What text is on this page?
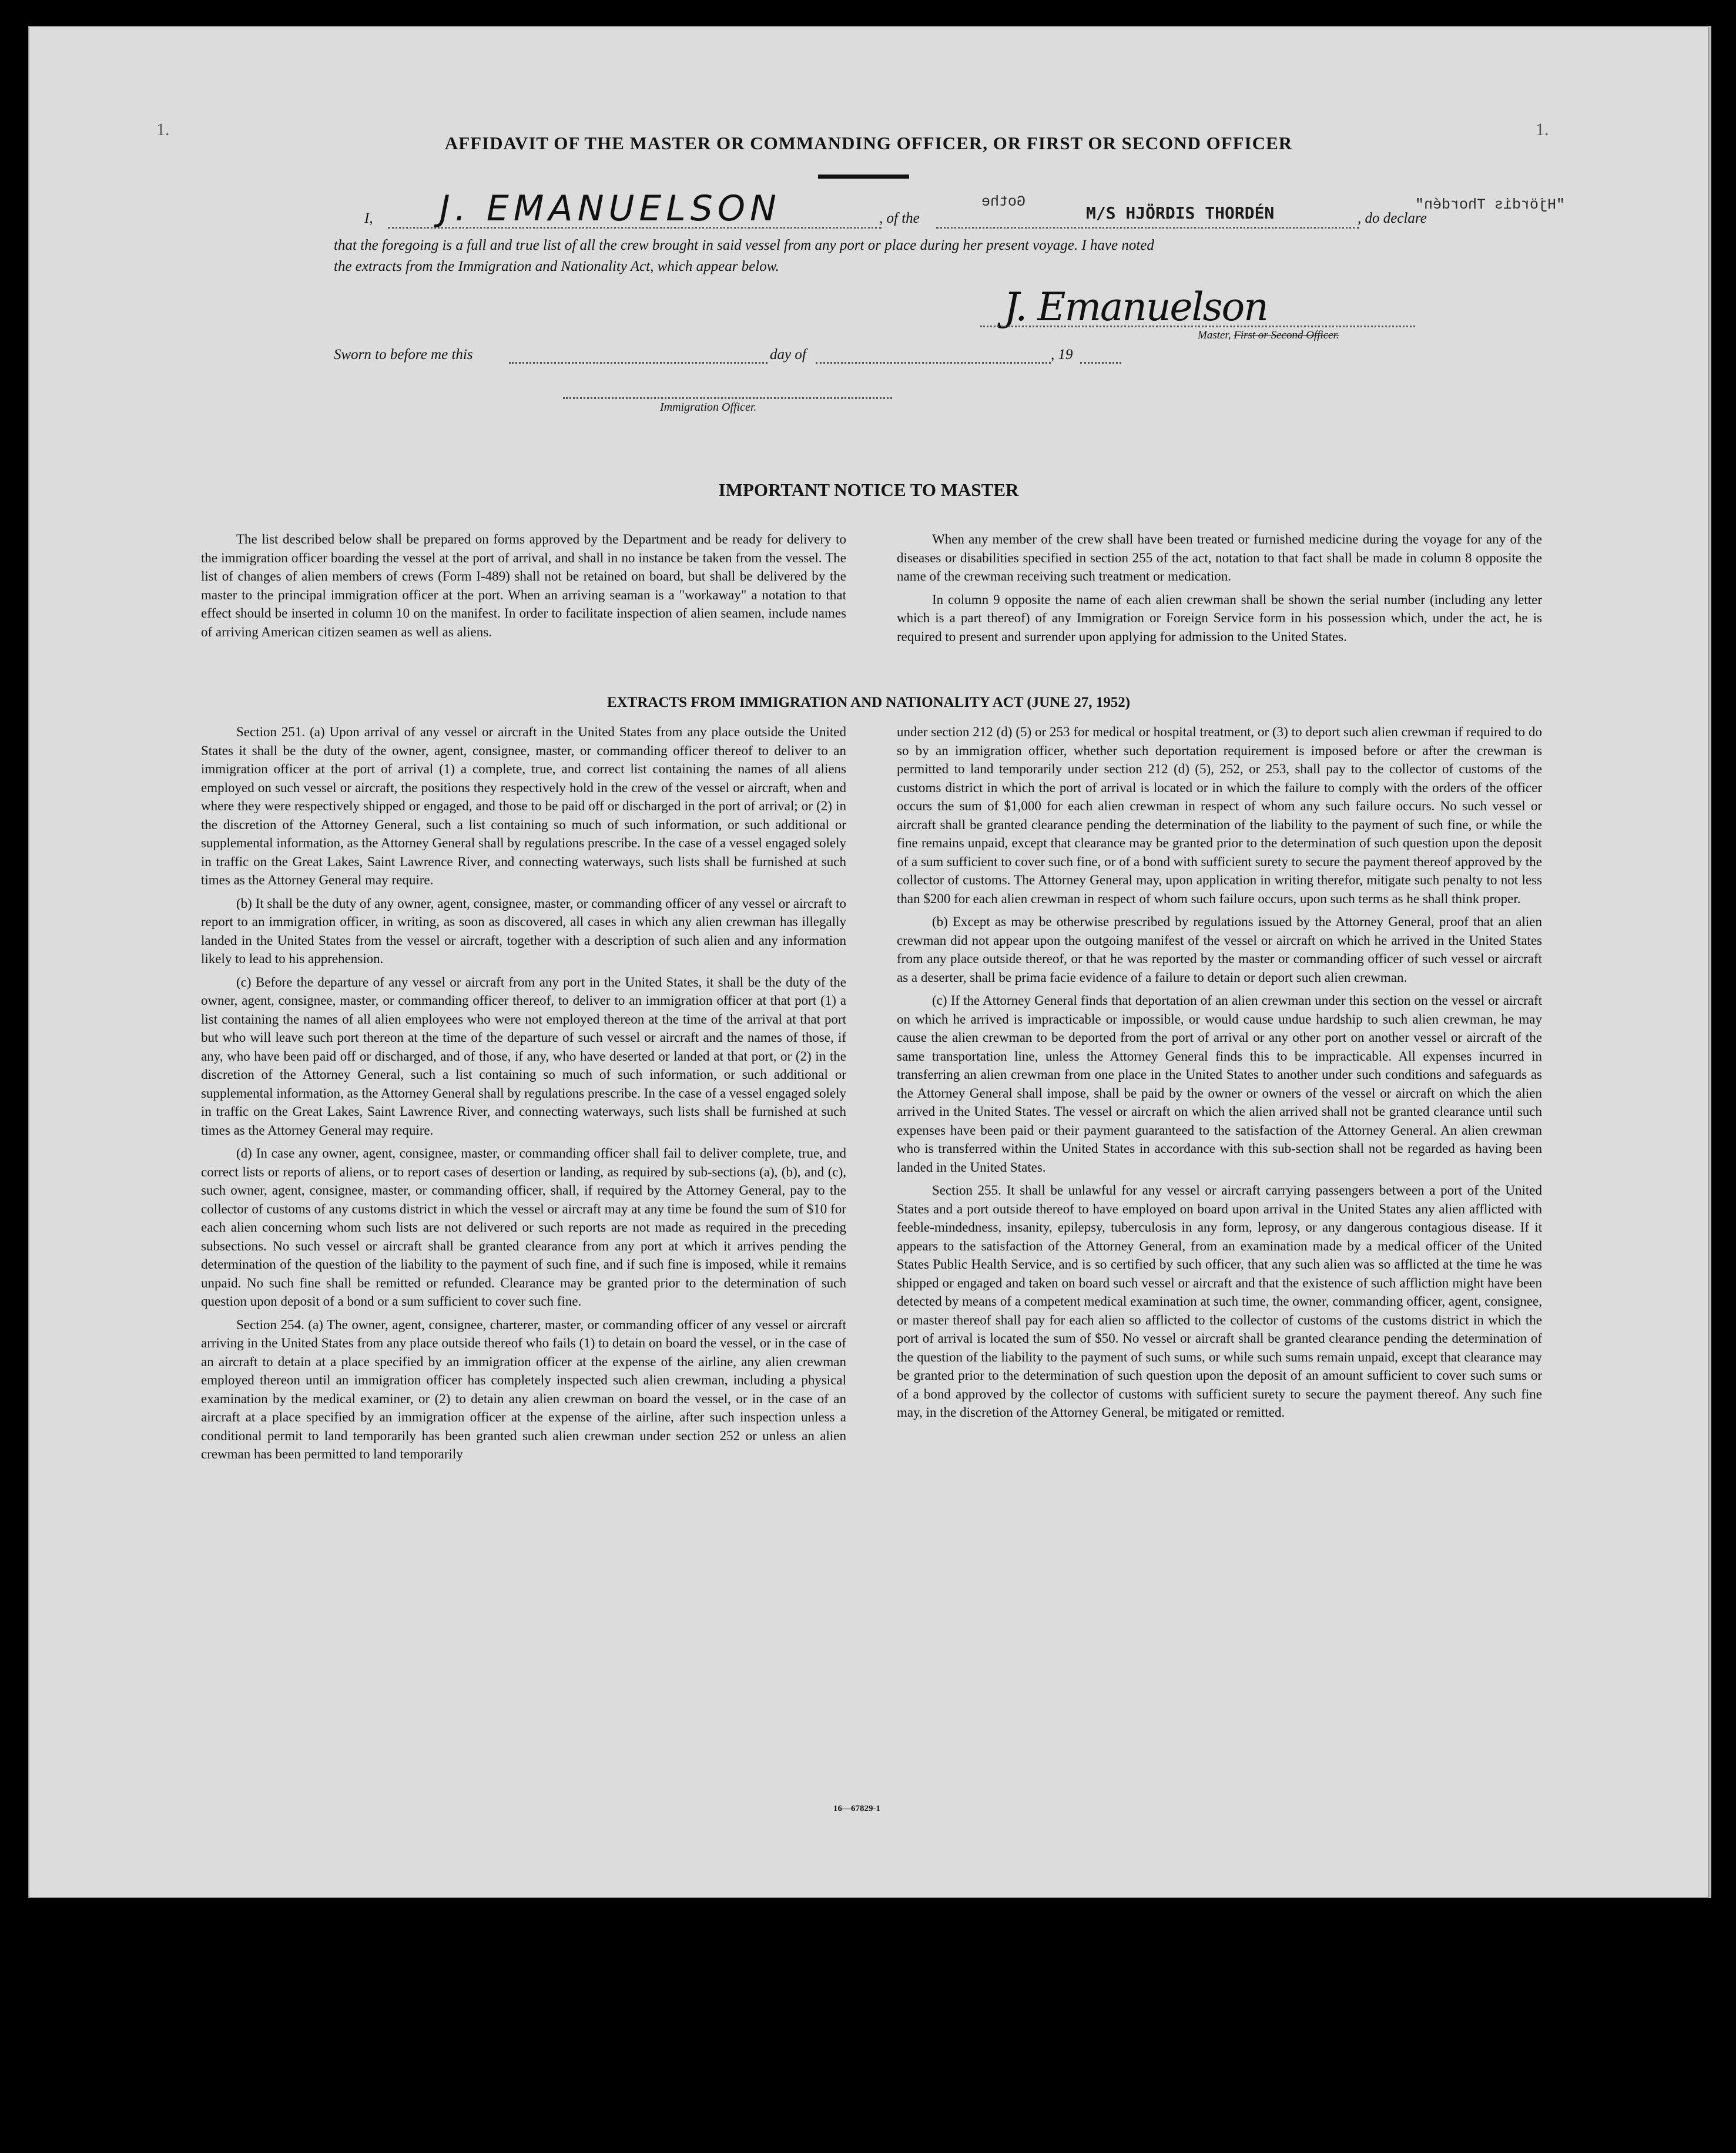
1.	1.
AFFIDAVIT OF THE MASTER OR COMMANDING OFFICER, OR FIRST OR SECOND OFFICER
I, J. EMANUELSON	, of the
Gothe
M/S HJÖRDIS THORDÉN	, do declare
"Hjördis Thordén"
that the foregoing is a full and true list of all the crew brought in said vessel from any port or place during her present voyage. I have noted
the extracts from the Immigration and Nationality Act, which appear below.
J. Emanuelson
Master, First or Second Officer.
Sworn to before me this	day of	, 19
Immigration Officer.
IMPORTANT NOTICE TO MASTER

The list described below shall be prepared on forms approved by the Department and be ready for delivery to the immigration officer boarding the vessel at the port of arrival, and shall in no instance be taken from the vessel. The list of changes of alien members of crews (Form I-489) shall not be retained on board, but shall be delivered by the master to the principal immigration officer at the port. When an arriving seaman is a "workaway" a notation to that effect should be inserted in column 10 on the manifest. In order to facilitate inspection of alien seamen, include names of arriving American citizen seamen as well as aliens.

When any member of the crew shall have been treated or furnished medicine during the voyage for any of the diseases or disabilities specified in section 255 of the act, notation to that fact shall be made in column 8 opposite the name of the crewman receiving such treatment or medication.

In column 9 opposite the name of each alien crewman shall be shown the serial number (including any letter which is a part thereof) of any Immigration or Foreign Service form in his possession which, under the act, he is required to present and surrender upon applying for admission to the United States.

EXTRACTS FROM IMMIGRATION AND NATIONALITY ACT (JUNE 27, 1952)

Section 251. (a) Upon arrival of any vessel or aircraft in the United States from any place outside the United States it shall be the duty of the owner, agent, consignee, master, or commanding officer thereof to deliver to an immigration officer at the port of arrival (1) a complete, true, and correct list containing the names of all aliens employed on such vessel or aircraft, the positions they respectively hold in the crew of the vessel or aircraft, when and where they were respectively shipped or engaged, and those to be paid off or discharged in the port of arrival; or (2) in the discretion of the Attorney General, such a list containing so much of such information, or such additional or supplemental information, as the Attorney General shall by regulations prescribe. In the case of a vessel engaged solely in traffic on the Great Lakes, Saint Lawrence River, and connecting waterways, such lists shall be furnished at such times as the Attorney General may require.

(b) It shall be the duty of any owner, agent, consignee, master, or commanding officer of any vessel or aircraft to report to an immigration officer, in writing, as soon as discovered, all cases in which any alien crewman has illegally landed in the United States from the vessel or aircraft, together with a description of such alien and any information likely to lead to his apprehension.

(c) Before the departure of any vessel or aircraft from any port in the United States, it shall be the duty of the owner, agent, consignee, master, or commanding officer thereof, to deliver to an immigration officer at that port (1) a list containing the names of all alien employees who were not employed thereon at the time of the arrival at that port but who will leave such port thereon at the time of the departure of such vessel or aircraft and the names of those, if any, who have been paid off or discharged, and of those, if any, who have deserted or landed at that port, or (2) in the discretion of the Attorney General, such a list containing so much of such information, or such additional or supplemental information, as the Attorney General shall by regulations prescribe. In the case of a vessel engaged solely in traffic on the Great Lakes, Saint Lawrence River, and connecting waterways, such lists shall be furnished at such times as the Attorney General may require.

(d) In case any owner, agent, consignee, master, or commanding officer shall fail to deliver complete, true, and correct lists or reports of aliens, or to report cases of desertion or landing, as required by sub-sections (a), (b), and (c), such owner, agent, consignee, master, or commanding officer, shall, if required by the Attorney General, pay to the collector of customs of any customs district in which the vessel or aircraft may at any time be found the sum of $10 for each alien concerning whom such lists are not delivered or such reports are not made as required in the preceding subsections. No such vessel or aircraft shall be granted clearance from any port at which it arrives pending the determination of the question of the liability to the payment of such fine, and if such fine is imposed, while it remains unpaid. No such fine shall be remitted or refunded. Clearance may be granted prior to the determination of such question upon deposit of a bond or a sum sufficient to cover such fine.

Section 254. (a) The owner, agent, consignee, charterer, master, or commanding officer of any vessel or aircraft arriving in the United States from any place outside thereof who fails (1) to detain on board the vessel, or in the case of an aircraft to detain at a place specified by an immigration officer at the expense of the airline, any alien crewman employed thereon until an immigration officer has completely inspected such alien crewman, including a physical examination by the medical examiner, or (2) to detain any alien crewman on board the vessel, or in the case of an aircraft at a place specified by an immigration officer at the expense of the airline, after such inspection unless a conditional permit to land temporarily has been granted such alien crewman under section 252 or unless an alien crewman has been permitted to land temporarily

under section 212 (d) (5) or 253 for medical or hospital treatment, or (3) to deport such alien crewman if required to do so by an immigration officer, whether such deportation requirement is imposed before or after the crewman is permitted to land temporarily under section 212 (d) (5), 252, or 253, shall pay to the collector of customs of the customs district in which the port of arrival is located or in which the failure to comply with the orders of the officer occurs the sum of $1,000 for each alien crewman in respect of whom any such failure occurs. No such vessel or aircraft shall be granted clearance pending the determination of the liability to the payment of such fine, or while the fine remains unpaid, except that clearance may be granted prior to the determination of such question upon the deposit of a sum sufficient to cover such fine, or of a bond with sufficient surety to secure the payment thereof approved by the collector of customs. The Attorney General may, upon application in writing therefor, mitigate such penalty to not less than $200 for each alien crewman in respect of whom such failure occurs, upon such terms as he shall think proper.

(b) Except as may be otherwise prescribed by regulations issued by the Attorney General, proof that an alien crewman did not appear upon the outgoing manifest of the vessel or aircraft on which he arrived in the United States from any place outside thereof, or that he was reported by the master or commanding officer of such vessel or aircraft as a deserter, shall be prima facie evidence of a failure to detain or deport such alien crewman.

(c) If the Attorney General finds that deportation of an alien crewman under this section on the vessel or aircraft on which he arrived is impracticable or impossible, or would cause undue hardship to such alien crewman, he may cause the alien crewman to be deported from the port of arrival or any other port on another vessel or aircraft of the same transportation line, unless the Attorney General finds this to be impracticable. All expenses incurred in transferring an alien crewman from one place in the United States to another under such conditions and safeguards as the Attorney General shall impose, shall be paid by the owner or owners of the vessel or aircraft on which the alien arrived in the United States. The vessel or aircraft on which the alien arrived shall not be granted clearance until such expenses have been paid or their payment guaranteed to the satisfaction of the Attorney General. An alien crewman who is transferred within the United States in accordance with this sub-section shall not be regarded as having been landed in the United States.

Section 255. It shall be unlawful for any vessel or aircraft carrying passengers between a port of the United States and a port outside thereof to have employed on board upon arrival in the United States any alien afflicted with feeble-mindedness, insanity, epilepsy, tuberculosis in any form, leprosy, or any dangerous contagious disease. If it appears to the satisfaction of the Attorney General, from an examination made by a medical officer of the United States Public Health Service, and is so certified by such officer, that any such alien was so afflicted at the time he was shipped or engaged and taken on board such vessel or aircraft and that the existence of such affliction might have been detected by means of a competent medical examination at such time, the owner, commanding officer, agent, consignee, or master thereof shall pay for each alien so afflicted to the collector of customs of the customs district in which the port of arrival is located the sum of $50. No vessel or aircraft shall be granted clearance pending the determination of the question of the liability to the payment of such sums, or while such sums remain unpaid, except that clearance may be granted prior to the determination of such question upon the deposit of an amount sufficient to cover such sums or of a bond approved by the collector of customs with sufficient surety to secure the payment thereof. Any such fine may, in the discretion of the Attorney General, be mitigated or remitted.

16—67829-1
